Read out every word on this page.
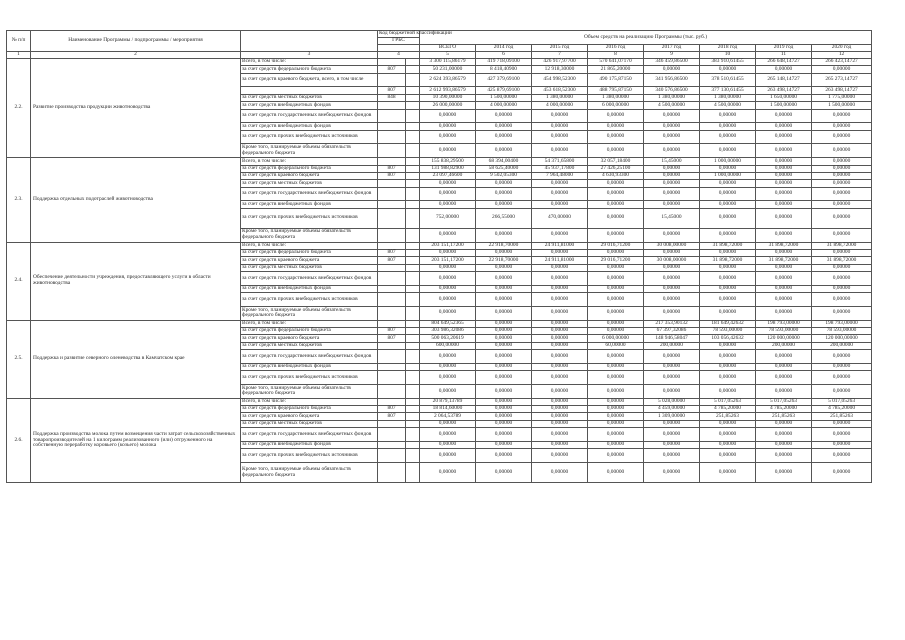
№ п/п	Наименование Программы / подпрограммы / мероприятия		Код бюджетной классификации		Объем средств на реализацию Программы (тыс. руб.)							
			ГРБС									
					ВСЕГО	2014 год	2015 год	2016 год	2017 год	2018 год	2019 год	2020 год
1	2	3	4		5	6	7	8	9	10	11	12
2.2.	Развитие производства продукции животноводства	Всего, в том числе:			3 300 115,86179	419 718,09100	426 917,97700	570 641,07170	346 459,86500	383 910,61455	266 648,14727	266 423,14727
		за счет средств федерального бюджета	807		50 231,00000	8 418,40900	12 918,30000	21 865,20000	0,00000	0,00000	0,00000	0,00000
		за счет средств краевого бюджета, всего, в том числе			2 624 393,86579	427 379,69100	454 998,52300	490 175,87150	341 956,86500	378 510,61455	265 148,14727	265 273,14727
			807		2 612 993,86579	425 879,69100	453 618,52300	488 795,87150	340 576,86500	377 130,61455	263 498,14727	263 498,14727
		за счет средств местных бюджетов	848		10 390,00000	1 500,00000	1 380,00000	1 380,00000	1 380,00000	1 380,00000	1 650,00000	1 775,00000
		за счет средств внебюджетных фондов			26 000,00000	4 000,00000	4 000,00000	6 000,00000	4 500,00000	4 500,00000	1 500,00000	1 500,00000
		за счет средств государственных внебюджетных фондов			0,00000	0,00000	0,00000	0,00000	0,00000	0,00000	0,00000	0,00000
		за счет средств внебюджетных фондов			0,00000	0,00000	0,00000	0,00000	0,00000	0,00000	0,00000	0,00000
		за счет средств прочих внебюджетных источников			0,00000	0,00000	0,00000	0,00000	0,00000	0,00000	0,00000	0,00000
		Кроме того, планируемые объемы обязательств федерального бюджета			0,00000	0,00000	0,00000	0,00000	0,00000	0,00000	0,00000	0,00000
2.3.	Поддержка отдельных подотраслей животноводства	Всего, в том числе:			155 838,29500	68 394,00400	54 371,65800	32 057,18400	15,45000	1 000,00000	0,00000	0,00000
		за счет средств федерального бюджета	807		131 988,82900	58 625,40000	45 937,17800	27 426,25100	0,00000	0,00000	0,00000	0,00000
		за счет средств краевого бюджета	807		23 097,46600	9 502,05300	7 964,48000	4 630,93300	0,00000	1 000,00000	0,00000	0,00000
		за счет средств местных бюджетов			0,00000	0,00000	0,00000	0,00000	0,00000	0,00000	0,00000	0,00000
		за счет средств государственных внебюджетных фондов			0,00000	0,00000	0,00000	0,00000	0,00000	0,00000	0,00000	0,00000
		за счет средств внебюджетных фондов			0,00000	0,00000	0,00000	0,00000	0,00000	0,00000	0,00000	0,00000
		за счет средств прочих внебюджетных источников			752,00000	266,55000	470,00000	0,00000	15,45000	0,00000	0,00000	0,00000
		Кроме того, планируемые объемы обязательств федерального бюджета			0,00000	0,00000	0,00000	0,00000	0,00000	0,00000	0,00000	0,00000
2.4.	Обеспечение деятельности учреждения, предоставляющего услуги в области животноводства	Всего, в том числе:			203 151,17200	22 918,70000	24 911,81000	29 016,71200	30 008,00000	31 898,72000	31 898,72000	31 898,72000
		за счет средств федерального бюджета	807		0,00000	0,00000	0,00000	0,00000	0,00000	0,00000	0,00000	0,00000
		за счет средств краевого бюджета	807		203 151,17200	22 918,70000	24 911,81000	29 016,71200	30 008,00000	31 898,72000	31 898,72000	31 898,72000
		за счет средств местных бюджетов			0,00000	0,00000	0,00000	0,00000	0,00000	0,00000	0,00000	0,00000
		за счет средств государственных внебюджетных фондов			0,00000	0,00000	0,00000	0,00000	0,00000	0,00000	0,00000	0,00000
		за счет средств внебюджетных фондов			0,00000	0,00000	0,00000	0,00000	0,00000	0,00000	0,00000	0,00000
		за счет средств прочих внебюджетных источников			0,00000	0,00000	0,00000	0,00000	0,00000	0,00000	0,00000	0,00000
		Кроме того, планируемые объемы обязательств федерального бюджета			0,00000	0,00000	0,00000	0,00000	0,00000	0,00000	0,00000	0,00000
2.5.	Поддержка и развитие северного оленеводства в Камчатском крае	Всего, в том числе:			804 649,52365	0,00000	0,00000	0,00000	217 353,90132	181 649,42632	198 793,00000	198 793,00000
		за счет средств федерального бюджета	807		303 986,32086	0,00000	0,00000	0,00000	67 397,32086	78 593,00000	78 593,00000	78 593,00000
		за счет средств краевого бюджета	807		500 063,20619	0,00000	0,00000	6 000,00000	148 946,58047	103 056,42632	120 000,00000	120 000,00000
		за счет средств местных бюджетов			600,00000	0,00000	0,00000	60,00000	200,00000	0,00000	200,00000	200,00000
		за счет средств государственных внебюджетных фондов			0,00000	0,00000	0,00000	0,00000	0,00000	0,00000	0,00000	0,00000
		за счет средств внебюджетных фондов			0,00000	0,00000	0,00000	0,00000	0,00000	0,00000	0,00000	0,00000
		за счет средств прочих внебюджетных источников			0,00000	0,00000	0,00000	0,00000	0,00000	0,00000	0,00000	0,00000
		Кроме того, планируемые объемы обязательств федерального бюджета			0,00000	0,00000	0,00000	0,00000	0,00000	0,00000	0,00000	0,00000
2.6.	Поддержка производства молока путем возмещения части затрат сельскохозяйственных товаропроизводителей на 1 килограмм реализованного (или) отгруженного на собственную переработку коровьего (козьего) молока	Всего, в том числе:			20 879,13789	0,00000	0,00000	0,00000	5 028,00000	5 017,05263	5 017,05263	5 017,05263
		за счет средств федерального бюджета	807		18 814,60000	0,00000	0,00000	0,00000	4 459,00000	4 785,20000	4 785,20000	4 785,20000
		за счет средств краевого бюджета	807		2 064,53789	0,00000	0,00000	0,00000	1 309,00000	251,85263	251,85263	251,85263
		за счет средств местных бюджетов			0,00000	0,00000	0,00000	0,00000	0,00000	0,00000	0,00000	0,00000
		за счет средств государственных внебюджетных фондов			0,00000	0,00000	0,00000	0,00000	0,00000	0,00000	0,00000	0,00000
		за счет средств внебюджетных фондов			0,00000	0,00000	0,00000	0,00000	0,00000	0,00000	0,00000	0,00000
		за счет средств прочих внебюджетных источников			0,00000	0,00000	0,00000	0,00000	0,00000	0,00000	0,00000	0,00000
		Кроме того, планируемые объемы обязательств федерального бюджета			0,00000	0,00000	0,00000	0,00000	0,00000	0,00000	0,00000	0,00000
